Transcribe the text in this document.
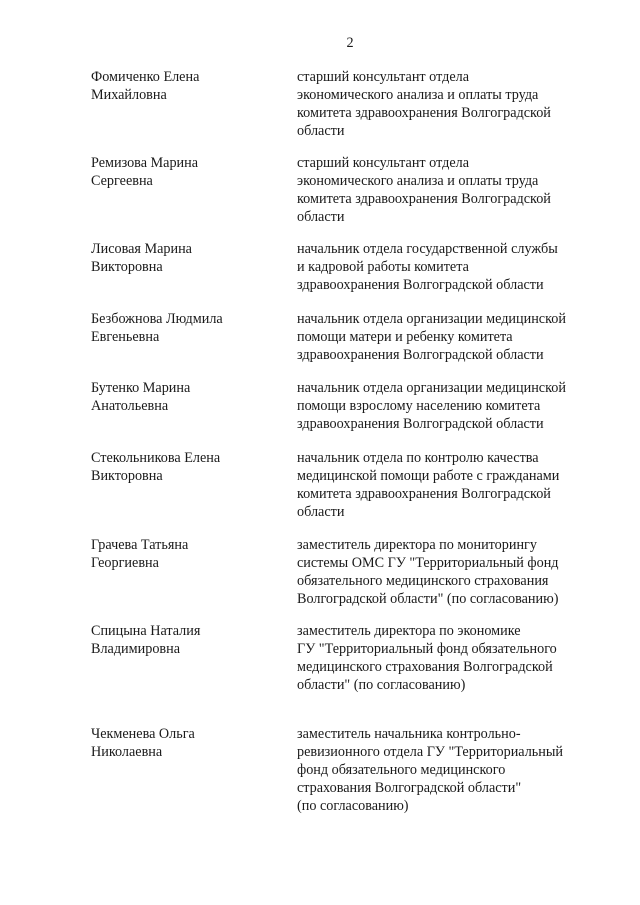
2
Фомиченко Елена
Михайловна
старший консультант отдела
экономического анализа и оплаты труда
комитета здравоохранения Волгоградской
области
Ремизова Марина
Сергеевна
старший консультант отдела
экономического анализа и оплаты труда
комитета здравоохранения Волгоградской
области
Лисовая Марина
Викторовна
начальник отдела государственной службы
и кадровой работы комитета
здравоохранения Волгоградской области
Безбожнова Людмила
Евгеньевна
начальник отдела организации медицинской
помощи матери и ребенку комитета
здравоохранения Волгоградской области
Бутенко Марина
Анатольевна
начальник отдела организации медицинской
помощи взрослому населению комитета
здравоохранения Волгоградской области
Стекольникова Елена
Викторовна
начальник отдела по контролю качества
медицинской помощи работе с гражданами
комитета здравоохранения Волгоградской
области
Грачева Татьяна
Георгиевна
заместитель директора по мониторингу
системы ОМС ГУ "Территориальный фонд
обязательного медицинского страхования
Волгоградской области" (по согласованию)
Спицына Наталия
Владимировна
заместитель директора по экономике
ГУ "Территориальный фонд обязательного
медицинского страхования Волгоградской
области" (по согласованию)
Чекменева Ольга
Николаевна
заместитель начальника контрольно-
ревизионного отдела ГУ "Территориальный
фонд обязательного медицинского
страхования Волгоградской области"
(по согласованию)
